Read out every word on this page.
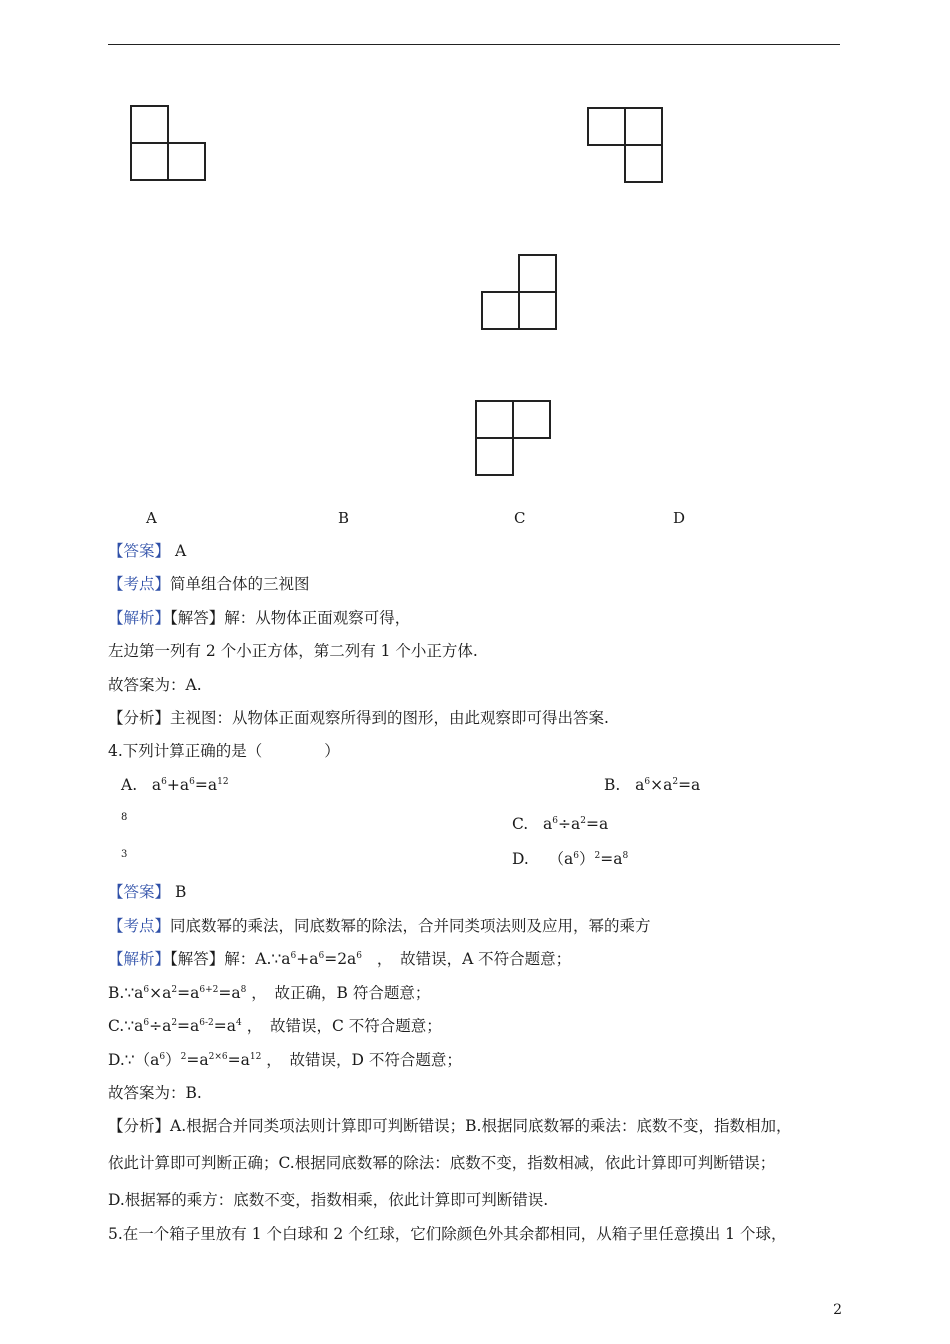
A	B	C	D
【答案】 A
【考点】简单组合体的三视图
【解析】【解答】解：从物体正面观察可得，
左边第一列有 2 个小正方体，第二列有 1 个小正方体.
故答案为：A.
【分析】主视图：从物体正面观察所得到的图形，由此观察即可得出答案.
4.下列计算正确的是（　　　　）
A.   $a^6+a^6=a^{12}$	B.   $a^6\times a^2=a$
8	C.   $a^6\div a^2=a$
3	D.    $(a^6)^2=a^8$
【答案】 B
【考点】同底数幂的乘法，同底数幂的除法，合并同类项法则及应用，幂的乘方
【解析】【解答】解：$A.\because a^6+a^6=2a^6$ ，　故错误，A 不符合题意；
$B.\because a^6\times a^2=a^{6+2}=a^8$ ，　故正确，B 符合题意；
$C.\because a^6\div a^2=a^{6-2}=a^4$ ，　故错误，C 不符合题意；
$D.\because(a^6)^2=a^{2\times 6}=a^{12}$ ，　故错误，D 不符合题意；
故答案为：B.
【分析】A.根据合并同类项法则计算即可判断错误；B.根据同底数幂的乘法：底数不变，指数相加，
依此计算即可判断正确；C.根据同底数幂的除法：底数不变，指数相减，依此计算即可判断错误；
D.根据幂的乘方：底数不变，指数相乘，依此计算即可判断错误.
5.在一个箱子里放有 1 个白球和 2 个红球，它们除颜色外其余都相同，从箱子里任意摸出 1 个球，
2
